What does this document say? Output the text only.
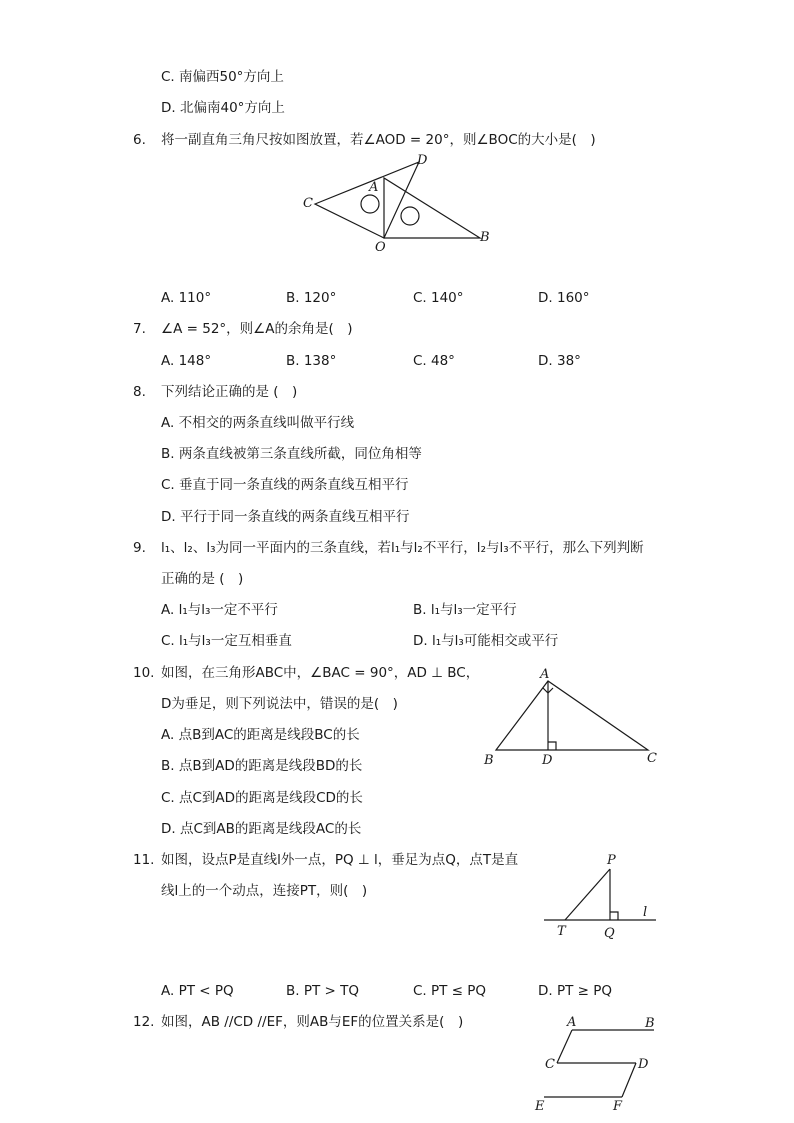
C. 南偏西50°方向上
D. 北偏南40°方向上
6. 将一副直角三角尺按如图放置，若∠AOD = 20°，则∠BOC的大小是(　)
D
A
C
O
B
A. 110°	B. 120°	C. 140°	D. 160°
7. ∠A = 52°，则∠A的余角是(　)
A. 148°	B. 138°	C. 48°	D. 38°
8. 下列结论正确的是 (　)
A. 不相交的两条直线叫做平行线
B. 两条直线被第三条直线所截，同位角相等
C. 垂直于同一条直线的两条直线互相平行
D. 平行于同一条直线的两条直线互相平行
9. l₁、l₂、l₃为同一平面内的三条直线，若l₁与l₂不平行，l₂与l₃不平行，那么下列判断
正确的是 (　)
A. l₁与l₃一定不平行	B. l₁与l₃一定平行
C. l₁与l₃一定互相垂直	D. l₁与l₃可能相交或平行
10. 如图，在三角形ABC中，∠BAC = 90°，AD ⊥ BC，
D为垂足，则下列说法中，错误的是(　)
A. 点B到AC的距离是线段BC的长
B. 点B到AD的距离是线段BD的长
C. 点C到AD的距离是线段CD的长
D. 点C到AB的距离是线段AC的长
A
B	D	C
11. 如图，设点P是直线l外一点，PQ ⊥ l，垂足为点Q，点T是直
线l上的一个动点，连接PT，则(　)
P
l
T	Q
A. PT < PQ	B. PT > TQ	C. PT ≤ PQ	D. PT ≥ PQ
12. 如图，AB //CD //EF，则AB与EF的位置关系是(　)	A	B
C	D
E	F
